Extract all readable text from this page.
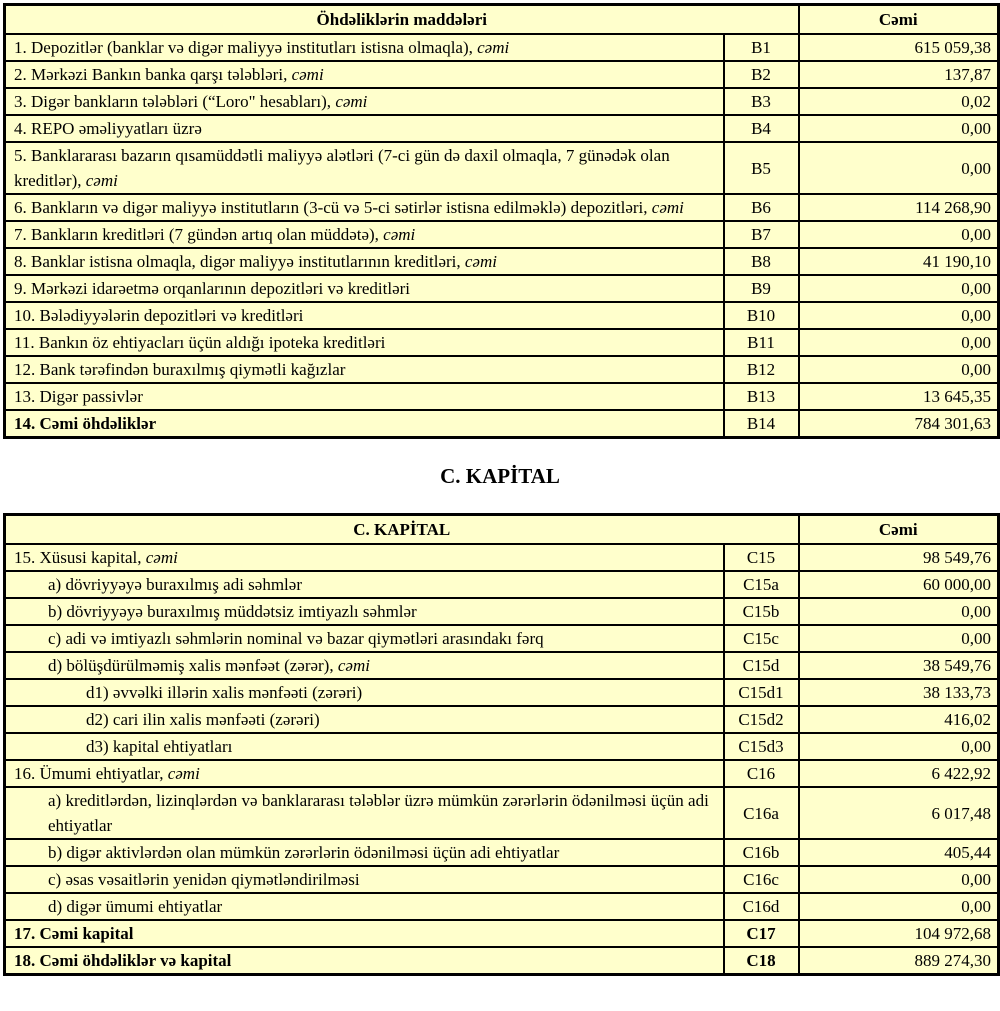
Öhdəliklərin maddələri		Cəmi
1. Depozitlər (banklar və digər maliyyə institutları istisna olmaqla), cəmi	B1	615 059,38
2. Mərkəzi Bankın banka qarşı tələbləri, cəmi	B2	137,87
3. Digər bankların tələbləri (“Loro" hesabları), cəmi	B3	0,02
4. REPO əməliyyatları üzrə	B4	0,00
5. Banklararası bazarın qısamüddətli maliyyə alətləri (7-ci gün də daxil olmaqla, 7 günədək olan kreditlər), cəmi	B5	0,00
6. Bankların və digər maliyyə institutların (3-cü və 5-ci sətirlər istisna edilməklə) depozitləri, cəmi	B6	114 268,90
7. Bankların kreditləri (7 gündən artıq olan müddətə), cəmi	B7	0,00
8. Banklar istisna olmaqla, digər maliyyə institutlarının kreditləri, cəmi	B8	41 190,10
9. Mərkəzi idarəetmə orqanlarının depozitləri və kreditləri	B9	0,00
10. Bələdiyyələrin depozitləri və kreditləri	B10	0,00
11. Bankın öz ehtiyacları üçün aldığı ipoteka kreditləri	B11	0,00
12. Bank tərəfindən buraxılmış qiymətli kağızlar	B12	0,00
13. Digər passivlər	B13	13 645,35
14. Cəmi öhdəliklər	B14	784 301,63
C. KAPİTAL
C. KAPİTAL		Cəmi
15. Xüsusi kapital, cəmi	C15	98 549,76
a) dövriyyəyə buraxılmış adi səhmlər	C15a	60 000,00
b) dövriyyəyə buraxılmış müddətsiz imtiyazlı səhmlər	C15b	0,00
c) adi və imtiyazlı səhmlərin nominal və bazar qiymətləri arasındakı fərq	C15c	0,00
d) bölüşdürülməmiş xalis mənfəət (zərər), cəmi	C15d	38 549,76
d1) əvvəlki illərin xalis mənfəəti (zərəri)	C15d1	38 133,73
d2) cari ilin xalis mənfəəti (zərəri)	C15d2	416,02
d3) kapital ehtiyatları	C15d3	0,00
16. Ümumi ehtiyatlar, cəmi	C16	6 422,92
a) kreditlərdən, lizinqlərdən və banklararası tələblər üzrə mümkün zərərlərin ödənilməsi üçün adi ehtiyatlar	C16a	6 017,48
b) digər aktivlərdən olan mümkün zərərlərin ödənilməsi üçün adi ehtiyatlar	C16b	405,44
c) əsas vəsaitlərin yenidən qiymətləndirilməsi	C16c	0,00
d) digər ümumi ehtiyatlar	C16d	0,00
17. Cəmi kapital	C17	104 972,68
18. Cəmi öhdəliklər və kapital	C18	889 274,30
